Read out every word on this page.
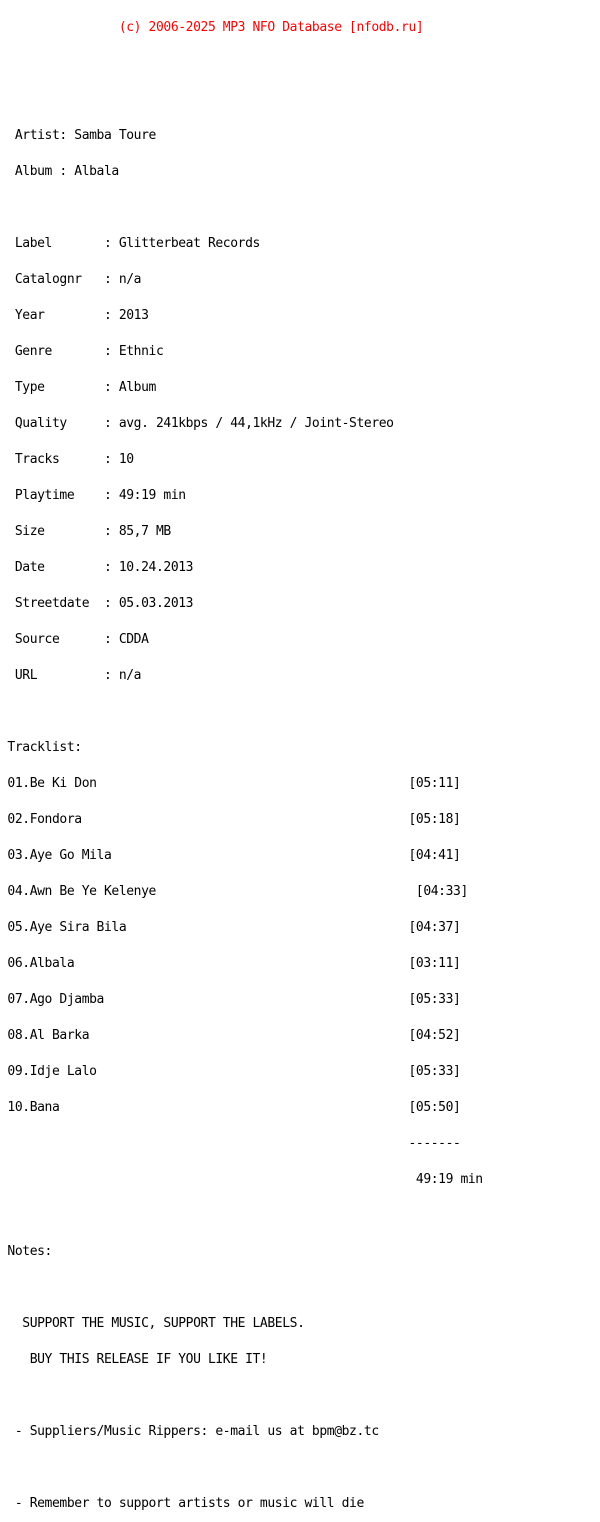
(c) 2006-2025 MP3 NFO Database [nfodb.ru]

Artist: Samba Toure

Album : Albala

Label       : Glitterbeat Records

Catalognr   : n/a

Year        : 2013

Genre       : Ethnic

Type        : Album

Quality     : avg. 241kbps / 44,1kHz / Joint-Stereo

Tracks      : 10

Playtime    : 49:19 min

Size        : 85,7 MB

Date        : 10.24.2013

Streetdate  : 05.03.2013

Source      : CDDA

URL         : n/a

Tracklist:

01.Be Ki Don                                          [05:11]

02.Fondora                                            [05:18]

03.Aye Go Mila                                        [04:41]

04.Awn Be Ye Kelenye                                   [04:33]

05.Aye Sira Bila                                      [04:37]

06.Albala                                             [03:11]

07.Ago Djamba                                         [05:33]

08.Al Barka                                           [04:52]

09.Idje Lalo                                          [05:33]

10.Bana                                               [05:50]

-------

49:19 min

Notes:

SUPPORT THE MUSIC, SUPPORT THE LABELS.

BUY THIS RELEASE IF YOU LIKE IT!

- Suppliers/Music Rippers: e-mail us at bpm@bz.tc

- Remember to support artists or music will die
